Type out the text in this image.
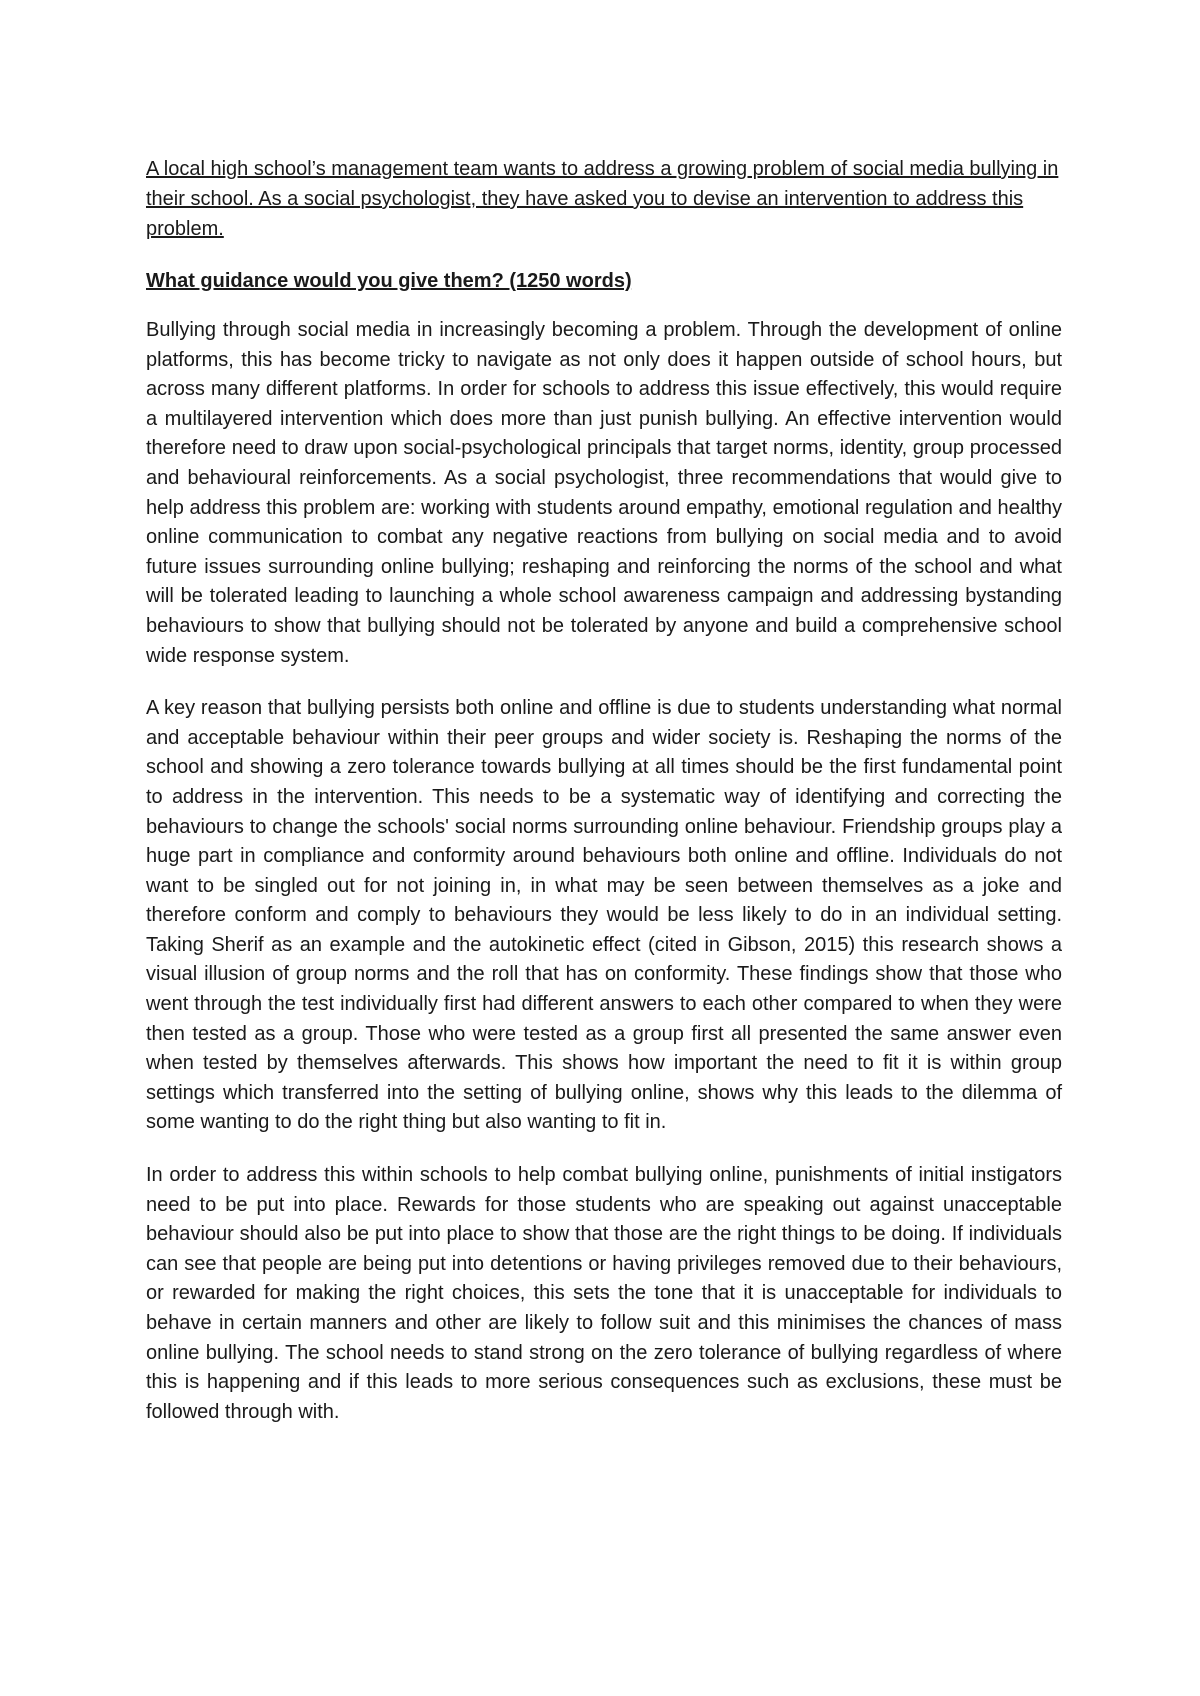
A local high school’s management team wants to address a growing problem of social media bullying in their school. As a social psychologist, they have asked you to devise an intervention to address this problem.

What guidance would you give them? (1250 words)

Bullying through social media in increasingly becoming a problem. Through the development of online platforms, this has become tricky to navigate as not only does it happen outside of school hours, but across many different platforms. In order for schools to address this issue effectively, this would require a multilayered intervention which does more than just punish bullying. An effective intervention would therefore need to draw upon social-psychological principals that target norms, identity, group processed and behavioural reinforcements. As a social psychologist, three recommendations that would give to help address this problem are: working with students around empathy, emotional regulation and healthy online communication to combat any negative reactions from bullying on social media and to avoid future issues surrounding online bullying; reshaping and reinforcing the norms of the school and what will be tolerated leading to launching a whole school awareness campaign and addressing bystanding behaviours to show that bullying should not be tolerated by anyone and build a comprehensive school wide response system.

A key reason that bullying persists both online and offline is due to students understanding what normal and acceptable behaviour within their peer groups and wider society is. Reshaping the norms of the school and showing a zero tolerance towards bullying at all times should be the first fundamental point to address in the intervention. This needs to be a systematic way of identifying and correcting the behaviours to change the schools' social norms surrounding online behaviour. Friendship groups play a huge part in compliance and conformity around behaviours both online and offline. Individuals do not want to be singled out for not joining in, in what may be seen between themselves as a joke and therefore conform and comply to behaviours they would be less likely to do in an individual setting. Taking Sherif as an example and the autokinetic effect (cited in Gibson, 2015) this research shows a visual illusion of group norms and the roll that has on conformity. These findings show that those who went through the test individually first had different answers to each other compared to when they were then tested as a group. Those who were tested as a group first all presented the same answer even when tested by themselves afterwards. This shows how important the need to fit it is within group settings which transferred into the setting of bullying online, shows why this leads to the dilemma of some wanting to do the right thing but also wanting to fit in.

In order to address this within schools to help combat bullying online, punishments of initial instigators need to be put into place. Rewards for those students who are speaking out against unacceptable behaviour should also be put into place to show that those are the right things to be doing. If individuals can see that people are being put into detentions or having privileges removed due to their behaviours, or rewarded for making the right choices, this sets the tone that it is unacceptable for individuals to behave in certain manners and other are likely to follow suit and this minimises the chances of mass online bullying. The school needs to stand strong on the zero tolerance of bullying regardless of where this is happening and if this leads to more serious consequences such as exclusions, these must be followed through with.
